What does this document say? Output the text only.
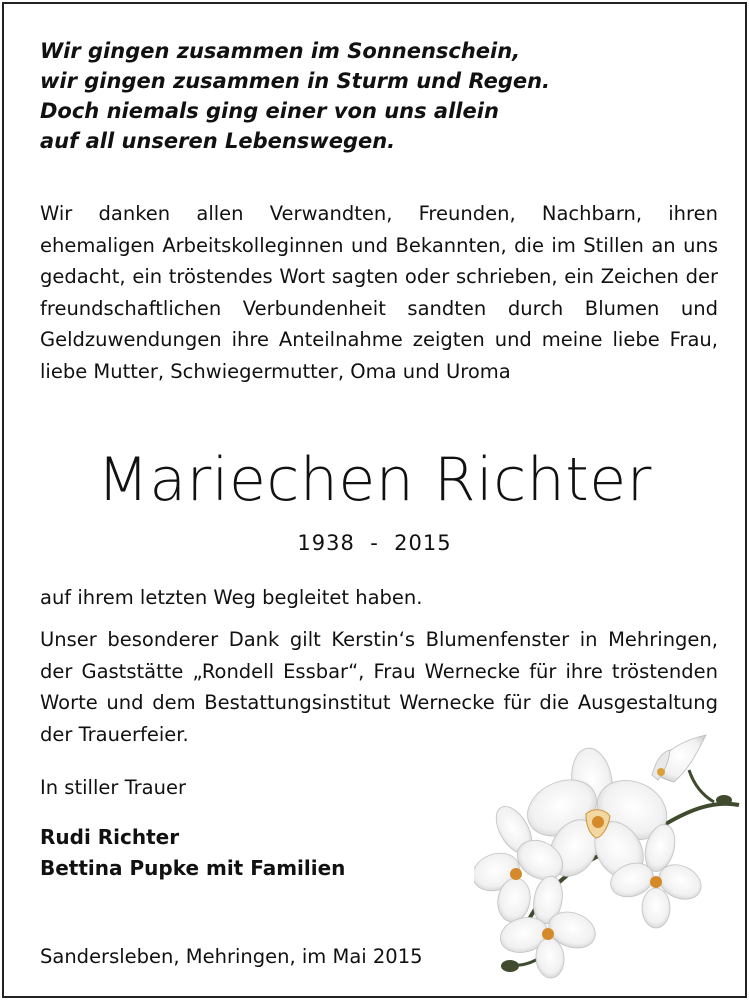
Wir gingen zusammen im Sonnenschein,
wir gingen zusammen in Sturm und Regen.
Doch niemals ging einer von uns allein
auf all unseren Lebenswegen.
Wir danken allen Verwandten, Freunden, Nachbarn, ihren ehemaligen Arbeitskolleginnen und Bekannten, die im Stillen an uns gedacht, ein tröstendes Wort sagten oder schrieben, ein Zeichen der freundschaftlichen Verbundenheit sandten durch Blumen und Geldzuwendungen ihre Anteilnahme zeigten und meine liebe Frau, liebe Mutter, Schwiegermutter, Oma und Uroma
Mariechen Richter
1938  -  2015
auf ihrem letzten Weg begleitet haben.
Unser besonderer Dank gilt Kerstin‘s Blumenfenster in Mehringen, der Gaststätte „Rondell Essbar“, Frau Wernecke für ihre tröstenden Worte und dem Bestattungsinstitut Wernecke für die Ausgestaltung der Trauerfeier.
In stiller Trauer
Rudi Richter
Bettina Pupke mit Familien
Sandersleben, Mehringen, im Mai 2015
